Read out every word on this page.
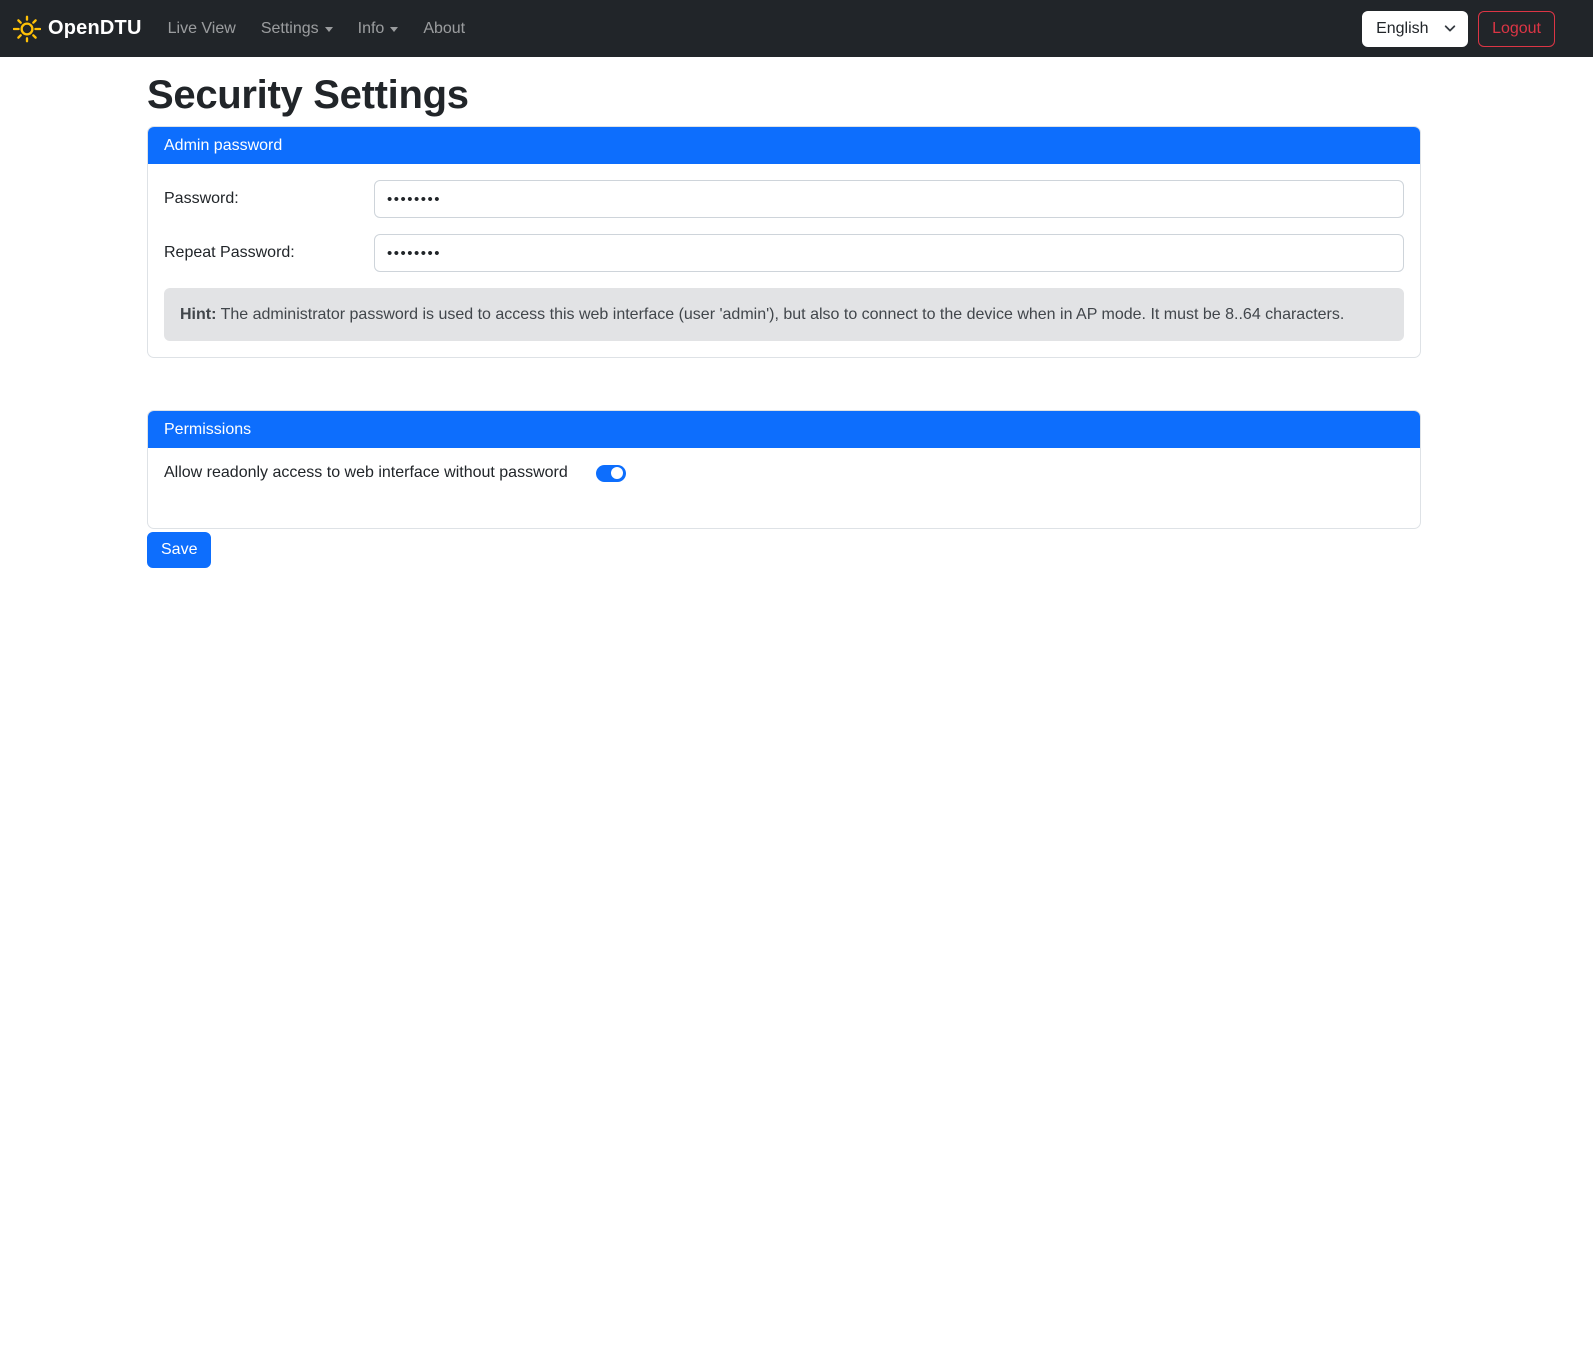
OpenDTU Live View Settings Info About
English	Logout
Security Settings
Admin password
Password:
••••••••
Repeat Password:
••••••••
Hint: The administrator password is used to access this web interface (user 'admin'), but also to connect to the device when in AP mode. It must be 8..64 characters.
Permissions
Allow readonly access to web interface without password
Save
